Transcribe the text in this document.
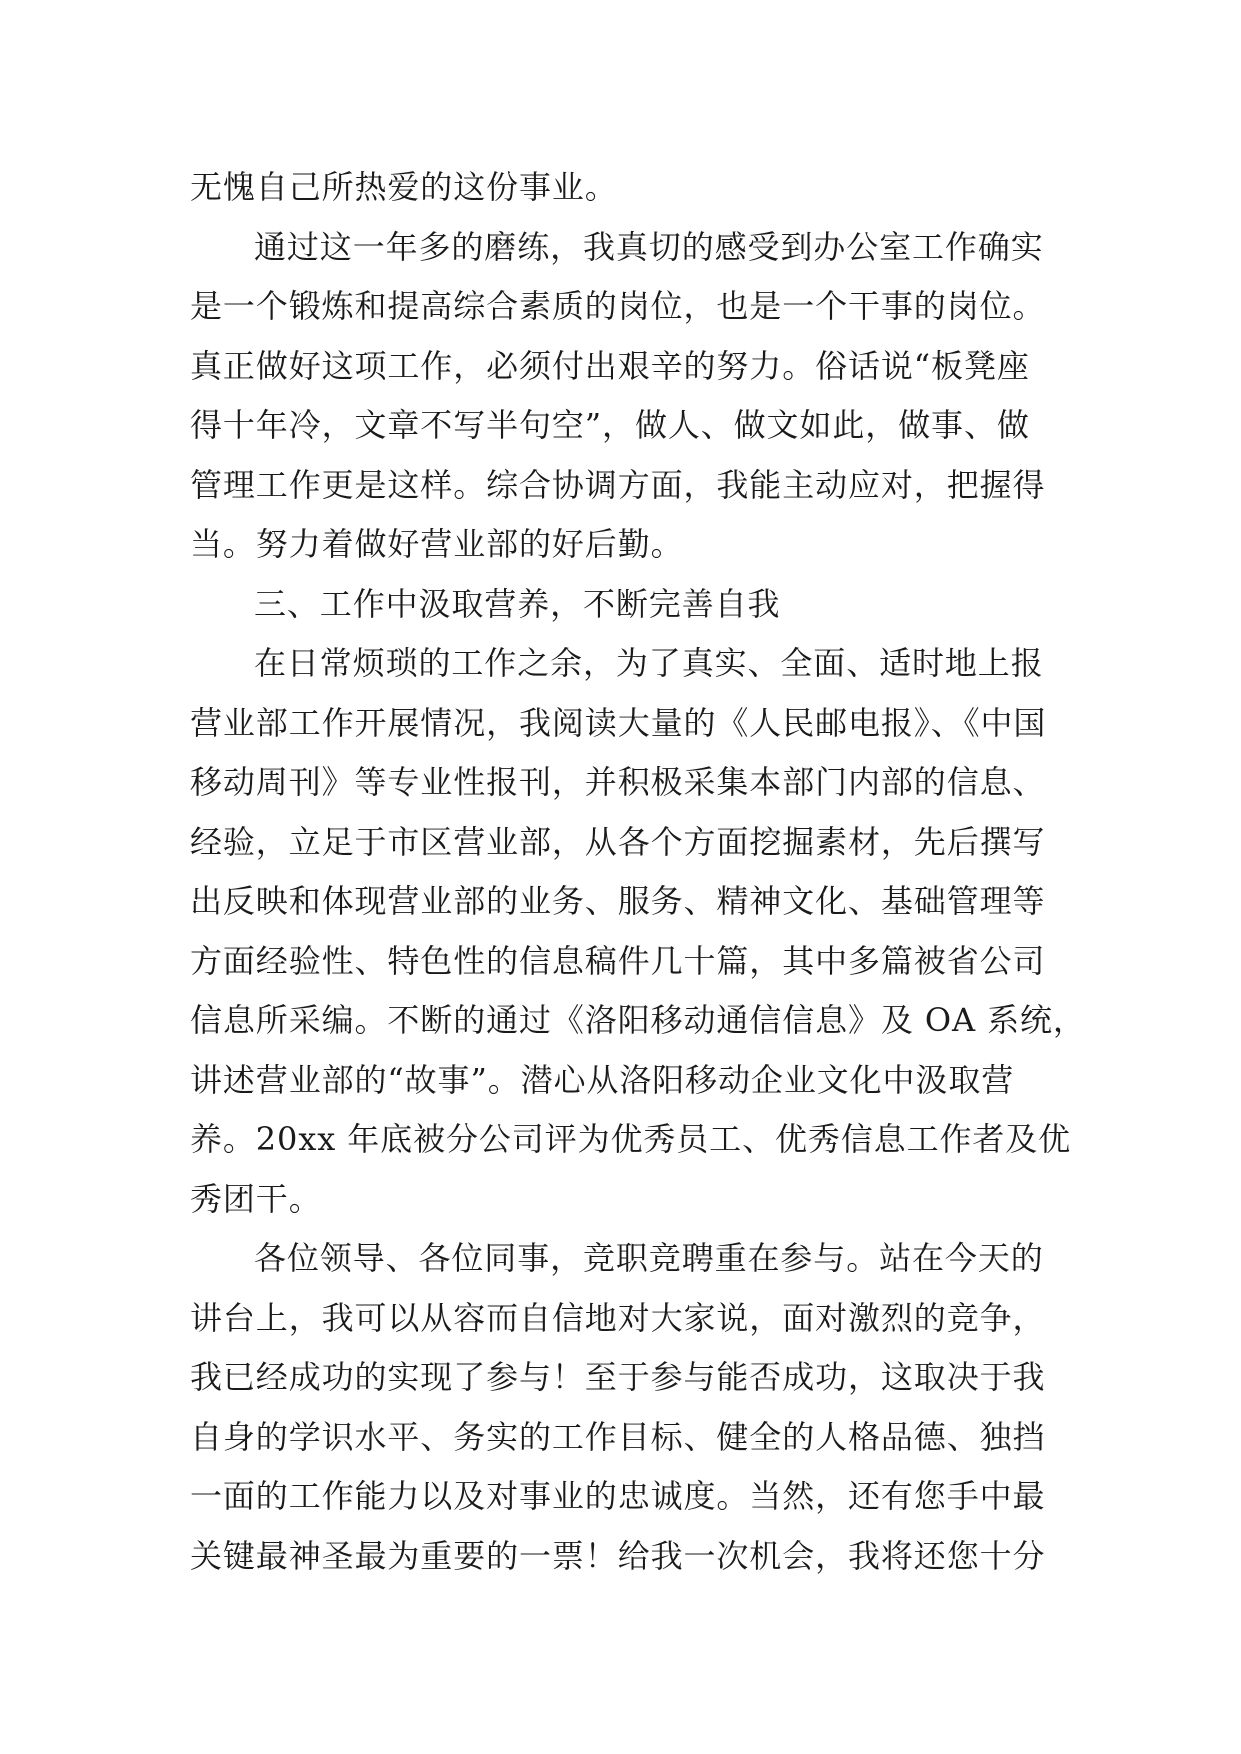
无愧自己所热爱的这份事业。
通过这一年多的磨练，我真切的感受到办公室工作确实
是一个锻炼和提高综合素质的岗位，也是一个干事的岗位。
真正做好这项工作，必须付出艰辛的努力。俗话说“板凳座
得十年冷，文章不写半句空”，做人、做文如此，做事、做
管理工作更是这样。综合协调方面，我能主动应对，把握得
当。努力着做好营业部的好后勤。
三、工作中汲取营养，不断完善自我
在日常烦琐的工作之余，为了真实、全面、适时地上报
营业部工作开展情况，我阅读大量的《人民邮电报》、《中国
移动周刊》等专业性报刊，并积极采集本部门内部的信息、
经验，立足于市区营业部，从各个方面挖掘素材，先后撰写
出反映和体现营业部的业务、服务、精神文化、基础管理等
方面经验性、特色性的信息稿件几十篇，其中多篇被省公司
信息所采编。不断的通过《洛阳移动通信信息》及 OA 系统，
讲述营业部的“故事”。潜心从洛阳移动企业文化中汲取营
养。20xx 年底被分公司评为优秀员工、优秀信息工作者及优
秀团干。
各位领导、各位同事，竞职竞聘重在参与。站在今天的
讲台上，我可以从容而自信地对大家说，面对激烈的竞争，
我已经成功的实现了参与！至于参与能否成功，这取决于我
自身的学识水平、务实的工作目标、健全的人格品德、独挡
一面的工作能力以及对事业的忠诚度。当然，还有您手中最
关键最神圣最为重要的一票！给我一次机会，我将还您十分
